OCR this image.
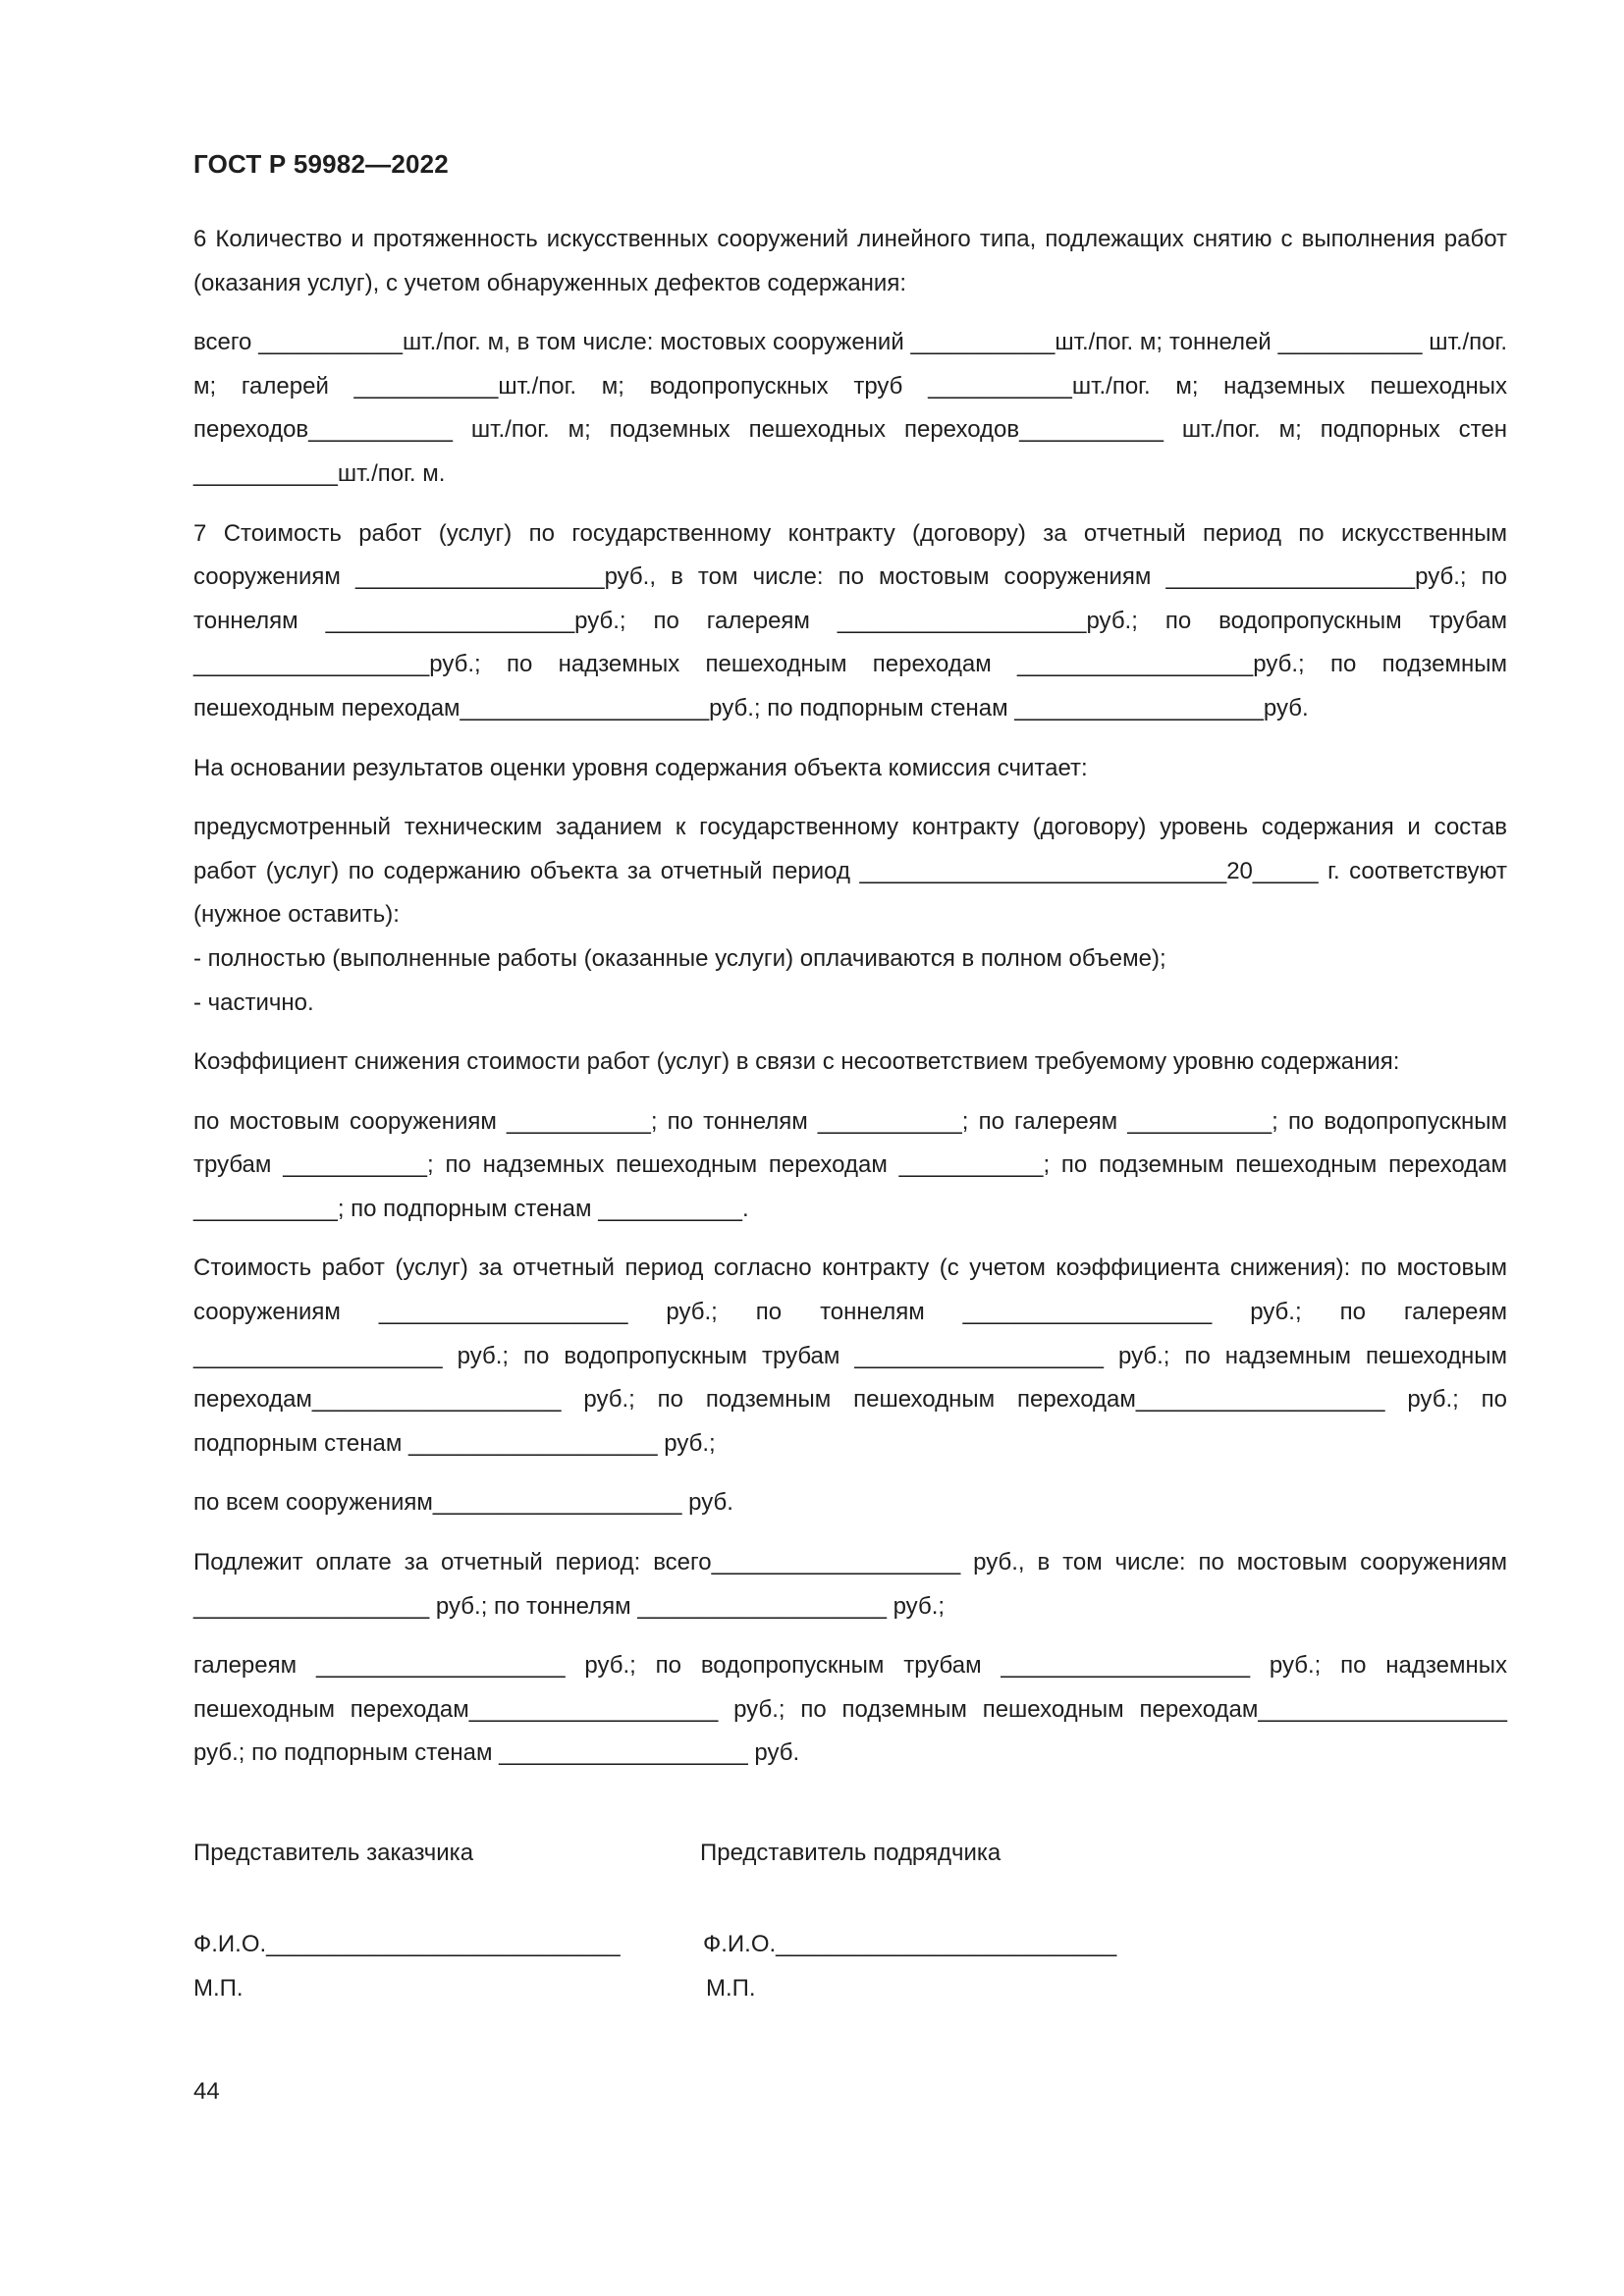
ГОСТ Р 59982—2022

6 Количество и протяженность искусственных сооружений линейного типа, подлежащих снятию с выполнения работ (оказания услуг), с учетом обнаруженных дефектов содержания:

всего ___________шт./пог. м, в том числе: мостовых сооружений ___________шт./пог. м; тоннелей ___________ шт./пог. м; галерей ___________шт./пог. м; водопропускных труб ___________шт./пог. м; надземных пешеходных переходов___________ шт./пог. м; подземных пешеходных переходов___________ шт./пог. м; подпорных стен ___________шт./пог. м.

7 Стоимость работ (услуг) по государственному контракту (договору) за отчетный период по искусственным сооружениям ___________________руб., в том числе: по мостовым сооружениям ___________________руб.; по тоннелям ___________________руб.; по галереям ___________________руб.; по водопропускным трубам __________________руб.; по надземных пешеходным переходам __________________руб.; по подземным пешеходным переходам___________________руб.; по подпорным стенам ___________________руб.

На основании результатов оценки уровня содержания объекта комиссия считает:

предусмотренный техническим заданием к государственному контракту (договору) уровень содержания и состав работ (услуг) по содержанию объекта за отчетный период ____________________________20_____ г. соответствуют (нужное оставить):

- полностью (выполненные работы (оказанные услуги) оплачиваются в полном объеме);

- частично.

Коэффициент снижения стоимости работ (услуг) в связи с несоответствием требуемому уровню содержания:

по мостовым сооружениям ___________; по тоннелям ___________; по галереям ___________; по водопропускным трубам ___________; по надземных пешеходным переходам ___________; по подземным пешеходным переходам ___________; по подпорным стенам ___________.

Стоимость работ (услуг) за отчетный период согласно контракту (с учетом коэффициента снижения): по мостовым сооружениям ___________________ руб.; по тоннелям ___________________ руб.; по галереям ___________________ руб.; по водопропускным трубам ___________________ руб.; по надземным пешеходным переходам___________________ руб.; по подземным пешеходным переходам___________________ руб.; по подпорным стенам ___________________ руб.;

по всем сооружениям___________________ руб.

Подлежит оплате за отчетный период: всего___________________ руб., в том числе: по мостовым сооружениям __________________ руб.; по тоннелям ___________________ руб.;

галереям ___________________ руб.; по водопропускным трубам ___________________ руб.; по надземных пешеходным переходам___________________ руб.; по подземным пешеходным переходам___________________ руб.; по подпорным стенам ___________________ руб.

Представитель заказчика	Представитель подрядчика
Ф.И.О.___________________________	Ф.И.О.__________________________
М.П.	М.П.
44
